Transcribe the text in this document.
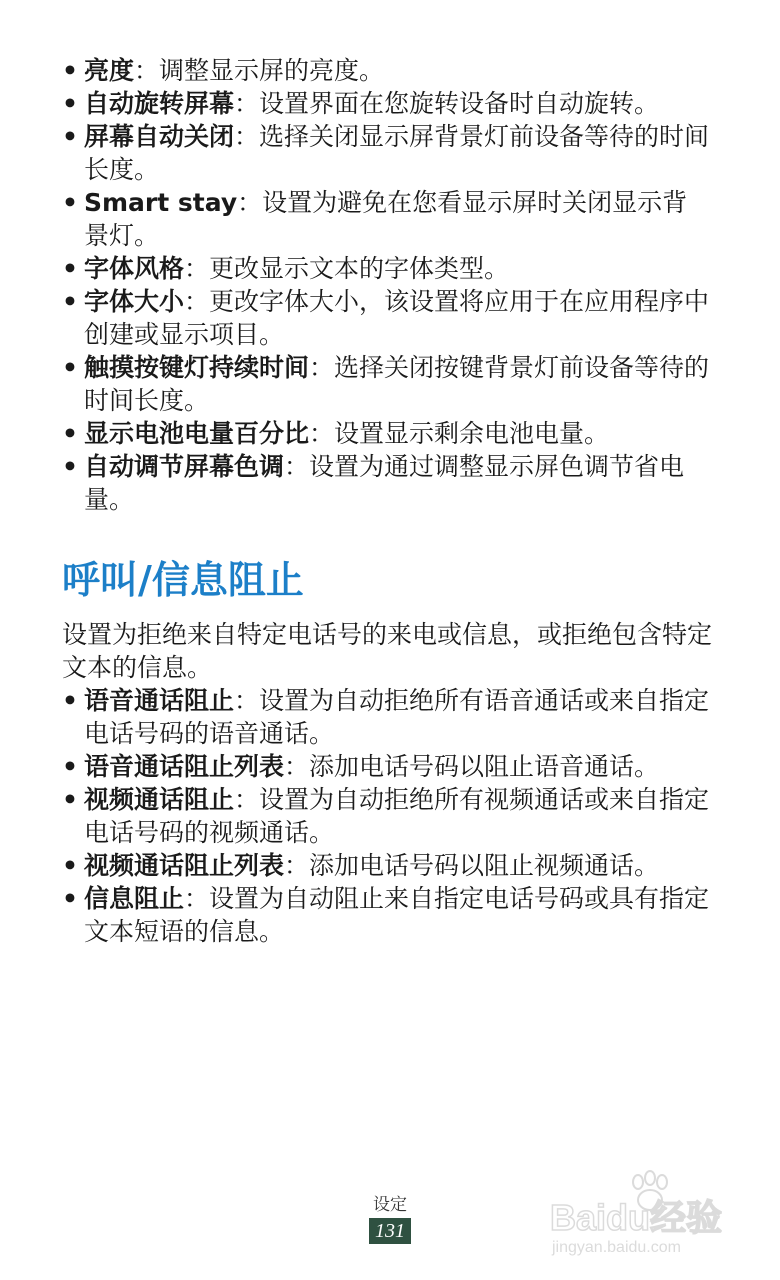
• 亮度：调整显示屏的亮度。
• 自动旋转屏幕：设置界面在您旋转设备时自动旋转。
• 屏幕自动关闭：选择关闭显示屏背景灯前设备等待的时间长度。
• Smart stay：设置为避免在您看显示屏时关闭显示背景灯。
• 字体风格：更改显示文本的字体类型。
• 字体大小：更改字体大小，该设置将应用于在应用程序中创建或显示项目。
• 触摸按键灯持续时间：选择关闭按键背景灯前设备等待的时间长度。
• 显示电池电量百分比：设置显示剩余电池电量。
• 自动调节屏幕色调：设置为通过调整显示屏色调节省电量。
呼叫/信息阻止

设置为拒绝来自特定电话号的来电或信息，或拒绝包含特定文本的信息。

• 语音通话阻止：设置为自动拒绝所有语音通话或来自指定电话号码的语音通话。
• 语音通话阻止列表：添加电话号码以阻止语音通话。
• 视频通话阻止：设置为自动拒绝所有视频通话或来自指定电话号码的视频通话。
• 视频通话阻止列表：添加电话号码以阻止视频通话。
• 信息阻止：设置为自动阻止来自指定电话号码或具有指定文本短语的信息。
设定
131	Baidu经验
jingyan.baidu.com
